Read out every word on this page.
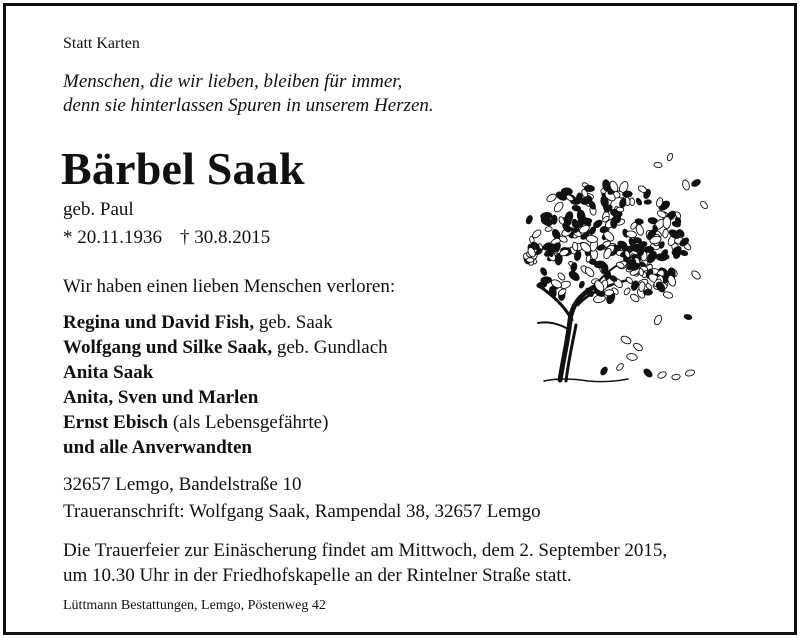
Statt Karten
Menschen, die wir lieben, bleiben für immer,
denn sie hinterlassen Spuren in unserem Herzen.
Bärbel Saak
geb. Paul
* 20.11.1936 † 30.8.2015
Wir haben einen lieben Menschen verloren:
Regina und David Fish, geb. Saak
Wolfgang und Silke Saak, geb. Gundlach
Anita Saak
Anita, Sven und Marlen
Ernst Ebisch (als Lebensgefährte)
und alle Anverwandten
32657 Lemgo, Bandelstraße 10
Traueranschrift: Wolfgang Saak, Rampendal 38, 32657 Lemgo
Die Trauerfeier zur Einäscherung findet am Mittwoch, dem 2. September 2015,
um 10.30 Uhr in der Friedhofskapelle an der Rintelner Straße statt.
Lüttmann Bestattungen, Lemgo, Pöstenweg 42
